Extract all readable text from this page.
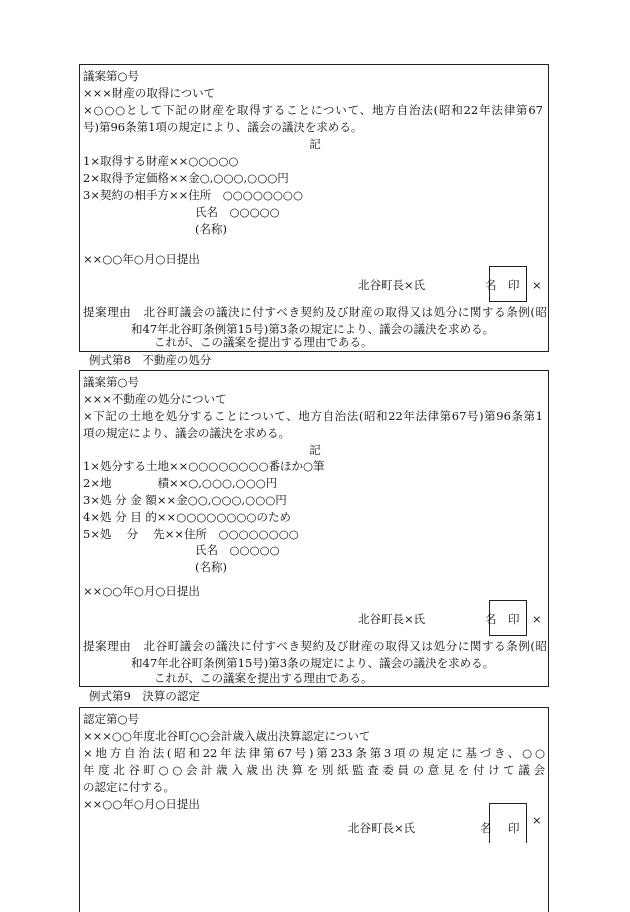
議案第○号
×××財産の取得について
×○○○として下記の財産を取得することについて、地方自治法(昭和22年法律第67
号)第96条第1項の規定により、議会の議決を求める。
記
1×取得する財産××○○○○○
2×取得予定価格××金○,○○○,○○○円
3×契約の相手方××住所　○○○○○○○○
氏名　○○○○○
(名称)
××○○年○月○日提出
北谷町長×氏	名 印 ×
提案理由　北谷町議会の議決に付すべき契約及び財産の取得又は処分に関する条例(昭
和47年北谷町条例第15号)第3条の規定により、議会の議決を求める。
これが、この議案を提出する理由である。
例式第8　不動産の処分
議案第○号
×××不動産の処分について
×下記の土地を処分することについて、地方自治法(昭和22年法律第67号)第96条第1
項の規定により、議会の議決を求める。
記
1×処分する土地××○○○○○○○○番ほか○筆
2×地　　　　積××○,○○○,○○○円
3×処 分 金 額××金○○,○○○,○○○円
4×処 分 目 的××○○○○○○○○のため
5×処　 分　 先××住所　○○○○○○○○
氏名　○○○○○
(名称)
××○○年○月○日提出
北谷町長×氏	名 印 ×
提案理由　北谷町議会の議決に付すべき契約及び財産の取得又は処分に関する条例(昭
和47年北谷町条例第15号)第3条の規定により、議会の議決を求める。
これが、この議案を提出する理由である。
例式第9　決算の認定
認定第○号
×××○○年度北谷町○○会計歳入歳出決算認定について
×地方自治法(昭和22年法律第67号)第233条第3項の規定に基づき、○○
年度北谷町○○会計歳入歳出決算を別紙監査委員の意見を付けて議会
の認定に付する。
××○○年○月○日提出
北谷町長×氏	名 印
×
